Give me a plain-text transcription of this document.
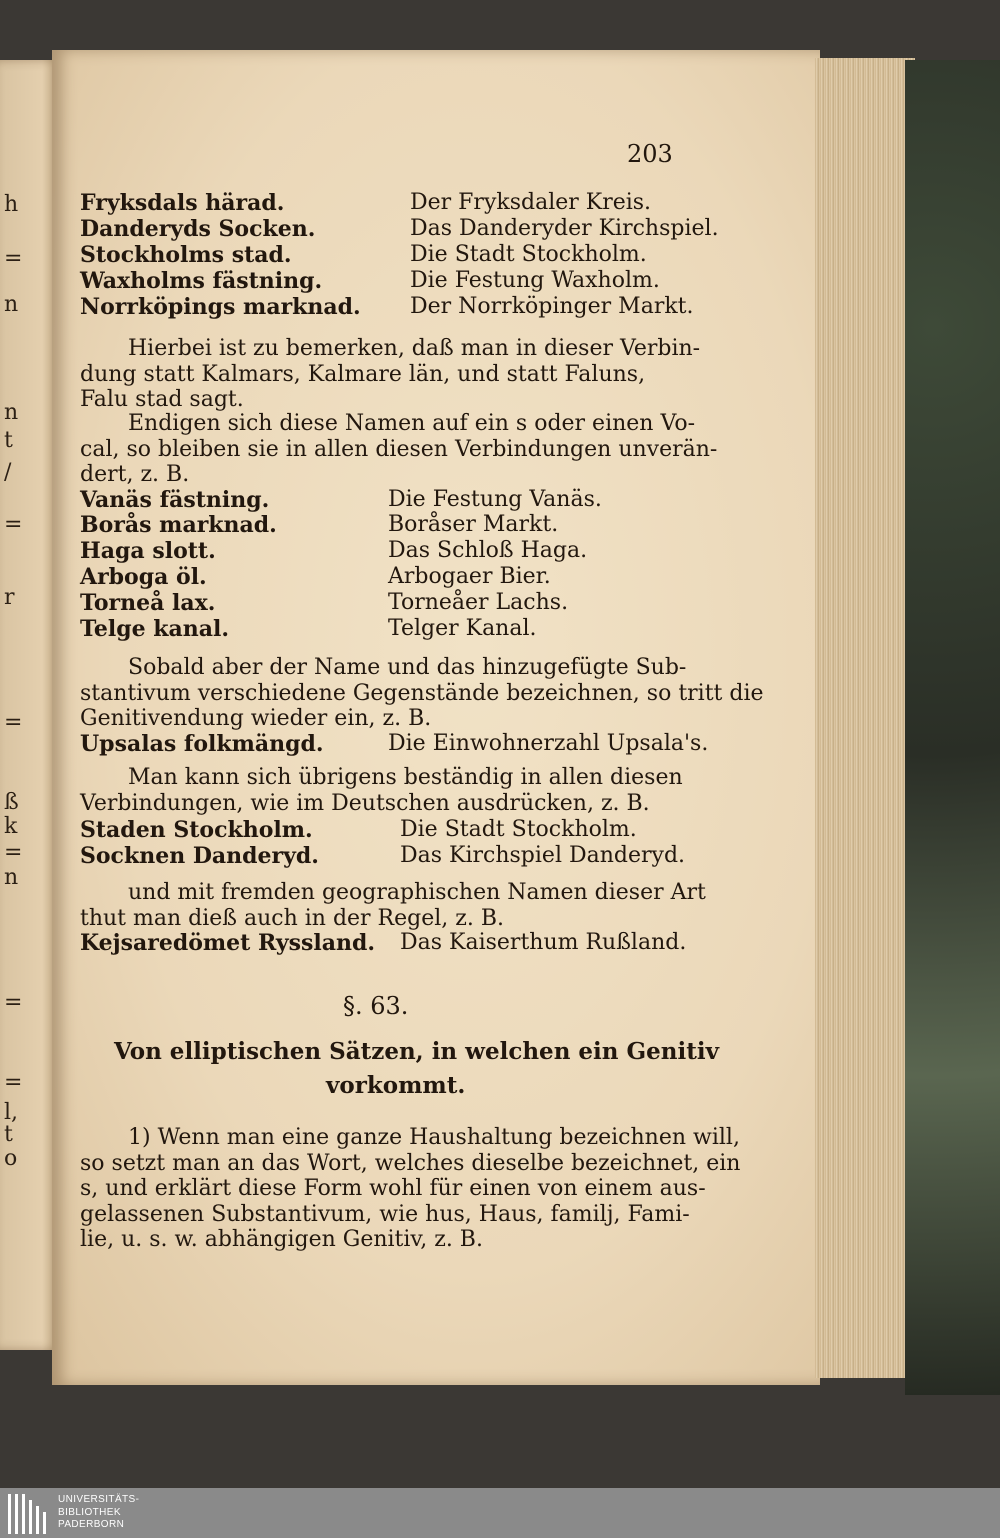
h
=
n
n
t
/
=
r
=
ß
k
=
n
=
=
l,
t
o
203
Fryksdals härad.	Der Fryksdaler Kreis.
Danderyds Socken.	Das Danderyder Kirchspiel.
Stockholms stad.	Die Stadt Stockholm.
Waxholms fästning.	Die Festung Waxholm.
Norrköpings marknad. Der Norrköpinger Markt.
Hierbei ist zu bemerken, daß man in dieser Verbin-
dung statt Kalmars, Kalmare län, und statt Faluns,
Falu stad sagt.
Endigen sich diese Namen auf ein s oder einen Vo-
cal, so bleiben sie in allen diesen Verbindungen unverän-
dert, z. B.
Vanäs fästning.	Die Festung Vanäs.
Borås marknad.	Boråser Markt.
Haga slott.	Das Schloß Haga.
Arboga öl.	Arbogaer Bier.
Torneå lax.	Torneåer Lachs.
Telge kanal.	Telger Kanal.
Sobald aber der Name und das hinzugefügte Sub-
stantivum verschiedene Gegenstände bezeichnen, so tritt die
Genitivendung wieder ein, z. B.
Upsalas folkmängd.	Die Einwohnerzahl Upsala's.
Man kann sich übrigens beständig in allen diesen
Verbindungen, wie im Deutschen ausdrücken, z. B.
Staden Stockholm.	Die Stadt Stockholm.
Socknen Danderyd.	Das Kirchspiel Danderyd.
und mit fremden geographischen Namen dieser Art
thut man dieß auch in der Regel, z. B.
Kejsaredömet Ryssland. Das Kaiserthum Rußland.
§. 63.
Von elliptischen Sätzen, in welchen ein Genitiv
vorkommt.
1) Wenn man eine ganze Haushaltung bezeichnen will,
so setzt man an das Wort, welches dieselbe bezeichnet, ein
s, und erklärt diese Form wohl für einen von einem aus-
gelassenen Substantivum, wie hus, Haus, familj, Fami-
lie, u. s. w. abhängigen Genitiv, z. B.
UNIVERSITÄTS-
BIBLIOTHEK
PADERBORN
